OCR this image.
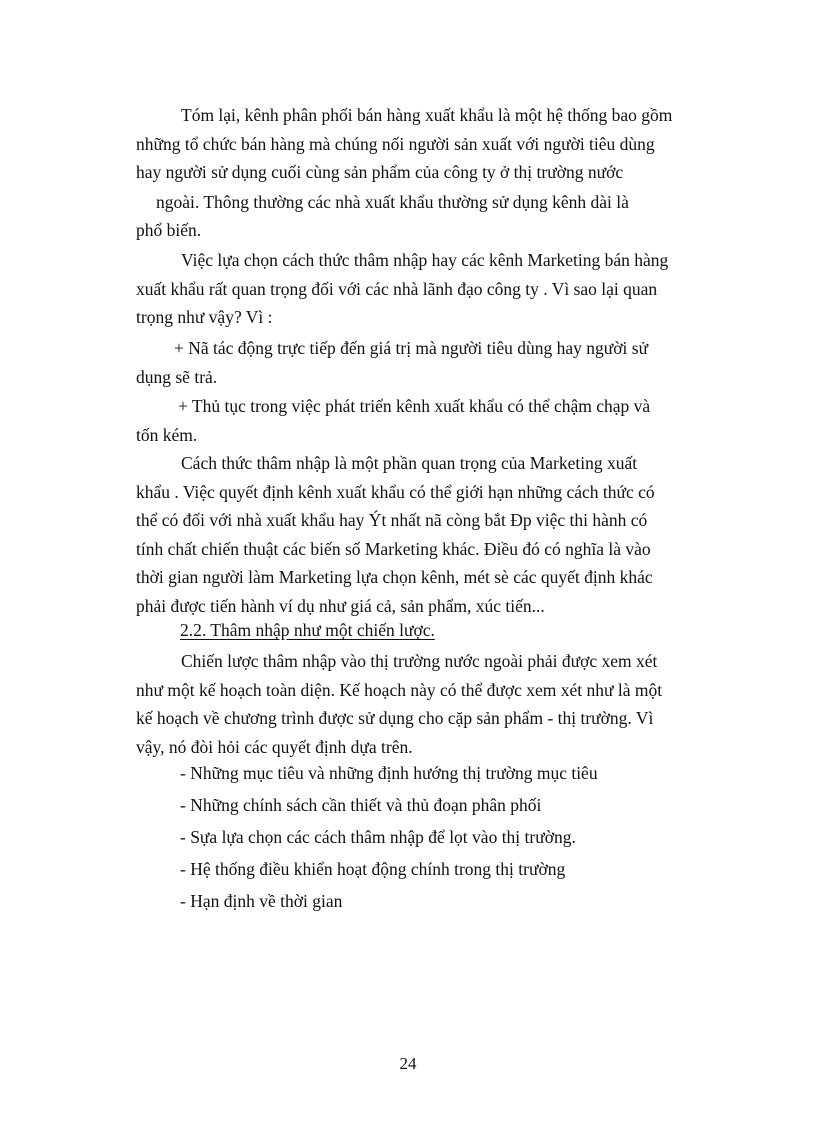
Tóm lại, kênh phân phối bán hàng xuất khẩu là một hệ thống bao gồm
những tổ chức bán hàng mà chúng nối người sản xuất với người tiêu dùng
hay người sử dụng cuối cùng sản phẩm của công ty ở thị trường nước
ngoài. Thông thường các nhà xuất khẩu thường sử dụng kênh dài là
phổ biến.

Việc lựa chọn cách thức thâm nhập hay các kênh Marketing bán hàng
xuất khẩu rất quan trọng đối với các nhà lãnh đạo công ty . Vì sao lại quan
trọng như vậy? Vì :

+ Nã tác động trực tiếp đến giá trị mà người tiêu dùng hay người sử
dụng sẽ trả.

+ Thủ tục trong việc phát triển kênh xuất khẩu có thể chậm chạp và
tốn kém.

Cách thức thâm nhập là một phần quan trọng của Marketing xuất
khẩu . Việc quyết định kênh xuất khẩu có thể giới hạn những cách thức có
thể có đối với nhà xuất khẩu hay Ýt nhất nã còng bắt Đp việc thi hành có
tính chất chiến thuật các biến số Marketing khác. Điều đó có nghĩa là vào
thời gian người làm Marketing lựa chọn kênh, mét sè các quyết định khác
phải được tiến hành ví dụ như giá cả, sản phẩm, xúc tiến...

2.2. Thâm nhập như một chiến lược.

Chiến lược thâm nhập vào thị trường nước ngoài phải được xem xét
như một kế hoạch toàn diện. Kế hoạch này có thể được xem xét như là một
kế hoạch về chương trình được sử dụng cho cặp sản phẩm - thị trường. Vì
vậy, nó đòi hỏi các quyết định dựa trên.

- Những mục tiêu và những định hướng thị trường mục tiêu
- Những chính sách cần thiết và thủ đoạn phân phối
- Sựa lựa chọn các cách thâm nhập để lọt vào thị trường.
- Hệ thống điều khiển hoạt động chính trong thị trường
- Hạn định về thời gian
24
